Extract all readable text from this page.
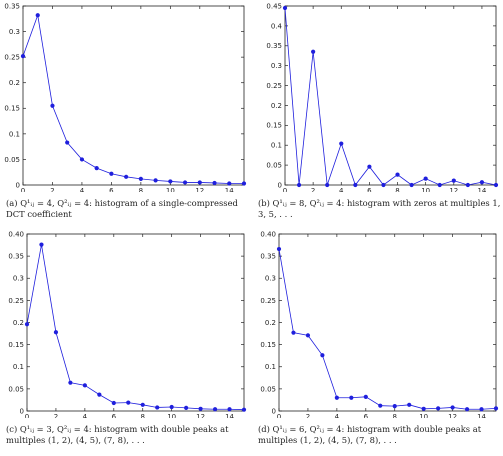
0
0.05
0.1
0.15
0.2
0.25
0.3
0.35
0	2	4	6	8	10	12	14
(a) Q¹ᵢⱼ = 4, Q²ᵢⱼ = 4: histogram of a single-compressed DCT coefficient
0
0.05
0.1
0.15
0.2
0.25
0.3
0.35
0.4
0.45
0	2	4	6	8	10	12	14
(b) Q¹ᵢⱼ = 8, Q²ᵢⱼ = 4: histogram with zeros at multiples 1, 3, 5, . . .
0
0.05
0.1
0.15
0.2
0.25
0.3
0.35
0.40
0	2	4	6	8	10	12	14
(c) Q¹ᵢⱼ = 3, Q²ᵢⱼ = 4: histogram with double peaks at multiples (1, 2), (4, 5), (7, 8), . . .
0
0.05
0.1
0.15
0.2
0.25
0.3
0.35
0.40
0	2	4	6	8	10	12	14
(d) Q¹ᵢⱼ = 6, Q²ᵢⱼ = 4: histogram with double peaks at multiples (1, 2), (4, 5), (7, 8), . . .
